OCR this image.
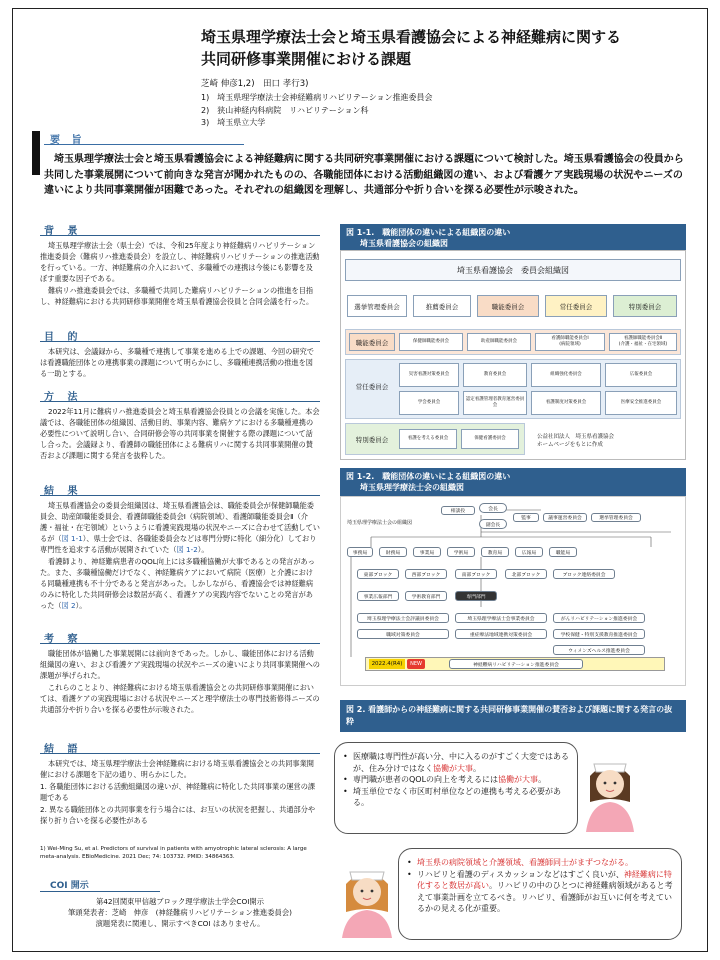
埼玉県理学療法士会と埼玉県看護協会による神経難病に関する共同研修事業開催における課題
芝崎 伸彦1,2)　田口 孝行3)
1) 埼玉県理学療法士会神経難病リハビリテーション推進委員会
2) 狭山神経内科病院　リハビリテーション科
3) 埼玉県立大学
要 旨
埼玉県理学療法士会と埼玉県看護協会による神経難病に関する共同研究事業開催における課題について検討した。埼玉県看護協会の役員から共同した事業展開について前向きな発言が聞かれたものの、各職能団体における活動組織図の違い、および看護ケア実践現場の状況やニーズの違いにより共同事業開催が困難であった。それぞれの組織図を理解し、共通部分や折り合いを探る必要性が示唆された。
背 景

埼玉県理学療法士会（県士会）では、令和25年度より神経難病リハビリテーション推進委員会（難病リハ推進委員会）を設立し、神経難病リハビリテーションの推進活動を行っている。一方、神経難病の介入において、多職種での連携は今後にも影響を及ぼす重要な因子である。

難病リハ推進委員会では、多職種で共同した難病リハビリテーションの推進を目指し、神経難病における共同研修事業開催を埼玉県看護協会役員と合同会議を行った。

目 的

本研究は、会議録から、多職種で連携して事業を進める上での課題、今回の研究では看護職能団体との連携事業の課題について明らかにし、多職種連携活動の推進を図る一助とする。

方 法

2022年11月に難病リハ推進委員会と埼玉県看護協会役員との会議を実施した。本会議では、各職能団体の組織図、活動目的、事業内容、難病ケアにおける多職種連携の必要性について説明し合い、合同研修会等の共同事業を開催する際の課題について話し合った。会議録より、看護師の職能団体による難病リハに関する共同事業開催の賛否および課題に関する発言を抜粋した。

結 果

埼玉県看護協会の委員会組織図は、埼玉県看護協会は、職能委員会が保健師職能委員会、助産師職能委員会、看護師職能委員会Ⅰ（病院領域）、看護師職能委員会Ⅱ（介護・福祉・在宅領域）というように看護実践現場の状況やニーズに合わせて活動しているが（図 1-1）、県士会では、各職能委員会などは専門分野に特化（細分化）しており専門性を追求する活動が展開されていた（図 1-2）。

看護師より、神経難病患者のQOL向上には多職種協働が大事であるとの発言があった。また、多職種協働だけでなく、神経難病ケアにおいて病院（医療）と介護における同職種連携も不十分であると発言があった。しかしながら、看護協会では神経難病のみに特化した共同研修会は数居が高く、看護ケアの実践内容でないことの発言があった（図 2）。

考 察

職能団体が協働した事業展開には前向きであった。しかし、職能団体における活動組織図の違い、および看護ケア実践現場の状況やニーズの違いにより共同事業開催への課題が挙げられた。

これらのことより、神経難病における埼玉県看護協会との共同研修事業開催においては、看護ケアの実践現場における状況やニーズと理学療法士の専門技術修得ニーズの共通部分や折り合いを探る必要性が示唆された。

結 語

本研究では、埼玉県理学療法士会神経難病における埼玉県看護協会との共同事業開催における課題を下記の通り、明らかにした。

1. 各職能団体における活動組織図の違いが、神経難病に特化した共同事業の運営の課題である

2. 異なる職能団体との共同事業を行う場合には、お互いの状況を把握し、共通部分や探り折り合いを探る必要性がある

1) Wei-Ming Su, et al. Predictors of survival in patients with amyotrophic lateral sclerosis: A large meta-analysis. EBioMedicine. 2021 Dec; 74: 103732. PMID: 34864363.
COI 開示
第42回関東甲信越ブロック理学療法士学会COI開示
筆頭発表者：芝崎　伸彦　(神経難病リハビリテーション推進委員会)
演題発表に関連し、開示すべきCOI はありません。
図 1-1.　職能団体の違いによる組織図の違い
埼玉県看護協会の組織図
埼玉県看護協会　委員会組織図
選挙管理委員会	推薦委員会	職能委員会	常任委員会	特別委員会
職能委員会	保健師職能委員会	助産師職能委員会
看護師職能委員会Ⅰ
(病院領域)
看護師職能委員会Ⅱ
(介護・福祉・在宅領域)
常任委員会
災害看護対策委員会	教育委員会	組織強化委員会	広報委員会
学会委員会
認定看護管理者教育運営委員会
看護制度対策委員会	医療安全推進委員会
特別委員会	看護を考える委員会	保健看護委員会	公益社団法人　埼玉県看護協会
ホームページをもとに作成
図 1-2.　職能団体の違いによる組織図の違い
埼玉県理学療法士会の組織図
埼玉県理学療法士会の組織図
相談役	会長
副会長
監事	議事運営委員会	選挙管理委員会
事務局	財務局	事業局	学術局	教育局	広報局	職能局
東部ブロック	西部ブロック	南部ブロック	北部ブロック	ブロック連絡委員会
事業広報部門	学術教育部門	専門部門
埼玉県理学療法士会評議員委員会	埼玉県理学療法士会事業委員会	がんリハビリテーション推進委員会
職域対策委員会	重症療法地域連携対策委員会	学校保健・特別支援教育推進委員会
ウィメンズヘルス推進委員会
2022.4(R4)	NEW	神経難病リハビリテーション推進委員会
図 2. 看護師からの神経難病に関する共同研修事業開催の賛否および課題に関する発言の抜粋
• 医療職は専門性が高い分、中に入るのがすごく大変ではあるが、住み分けではなく協働が大事。
• 専門職が患者のQOLの向上を考えるには協働が大事。
• 埼玉単位でなく市区町村単位などの連携も考える必要がある。
• 埼玉県の病院領域と介護領域、看護師同士がまずつながる。
• リハビリと看護のディスカッションなどはすごく良いが、神経難病に特化すると数居が高い。リハビリの中のひとつに神経難病領域があると考えて事業計画を立てるべき。リハビリ、看護師がお互いに何を考えているかの見える化が重要。
